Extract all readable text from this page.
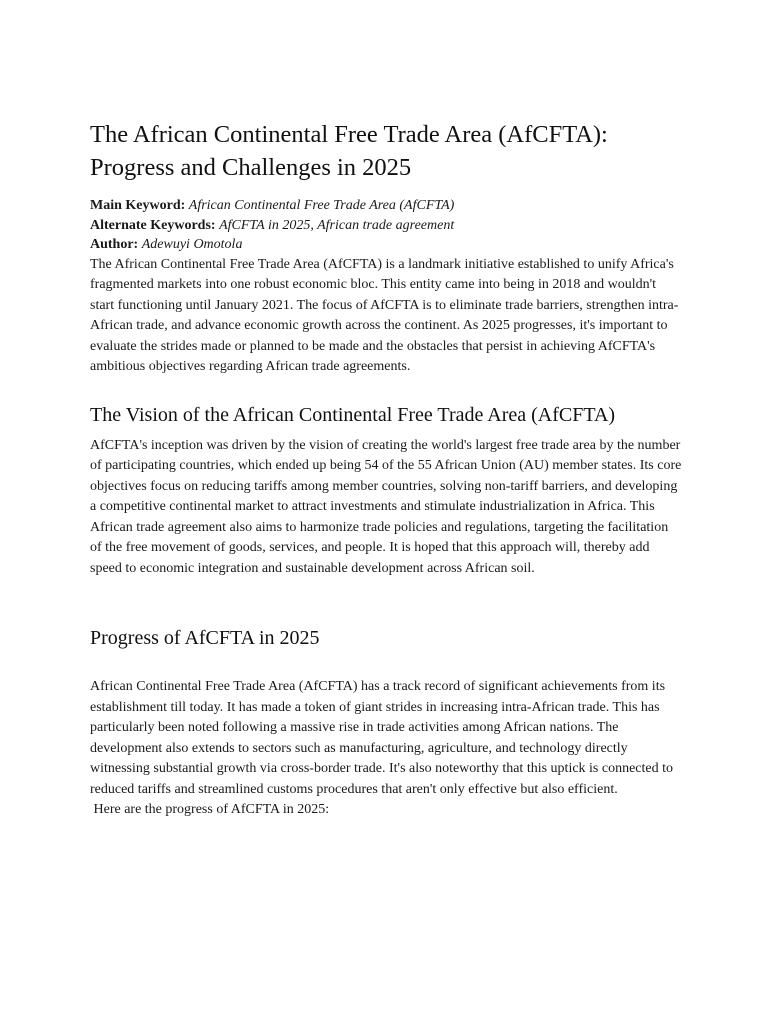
The African Continental Free Trade Area (AfCFTA): Progress and Challenges in 2025

Main Keyword: African Continental Free Trade Area (AfCFTA)

Alternate Keywords: AfCFTA in 2025, African trade agreement

Author: Adewuyi Omotola

The African Continental Free Trade Area (AfCFTA) is a landmark initiative established to unify Africa's fragmented markets into one robust economic bloc. This entity came into being in 2018 and wouldn't start functioning until January 2021. The focus of AfCFTA is to eliminate trade barriers, strengthen intra-African trade, and advance economic growth across the continent. As 2025 progresses, it's important to evaluate the strides made or planned to be made and the obstacles that persist in achieving AfCFTA's ambitious objectives regarding African trade agreements.

The Vision of the African Continental Free Trade Area (AfCFTA)

AfCFTA's inception was driven by the vision of creating the world's largest free trade area by the number of participating countries, which ended up being 54 of the 55 African Union (AU) member states. Its core objectives focus on reducing tariffs among member countries, solving non-tariff barriers, and developing a competitive continental market to attract investments and stimulate industrialization in Africa. This African trade agreement also aims to harmonize trade policies and regulations, targeting the facilitation of the free movement of goods, services, and people. It is hoped that this approach will, thereby add speed to economic integration and sustainable development across African soil.

Progress of AfCFTA in 2025

African Continental Free Trade Area (AfCFTA) has a track record of significant achievements from its establishment till today. It has made a token of giant strides in increasing intra-African trade. This has particularly been noted following a massive rise in trade activities among African nations. The development also extends to sectors such as manufacturing, agriculture, and technology directly witnessing substantial growth via cross-border trade. It's also noteworthy that this uptick is connected to reduced tariffs and streamlined customs procedures that aren't only effective but also efficient.

Here are the progress of AfCFTA in 2025:
